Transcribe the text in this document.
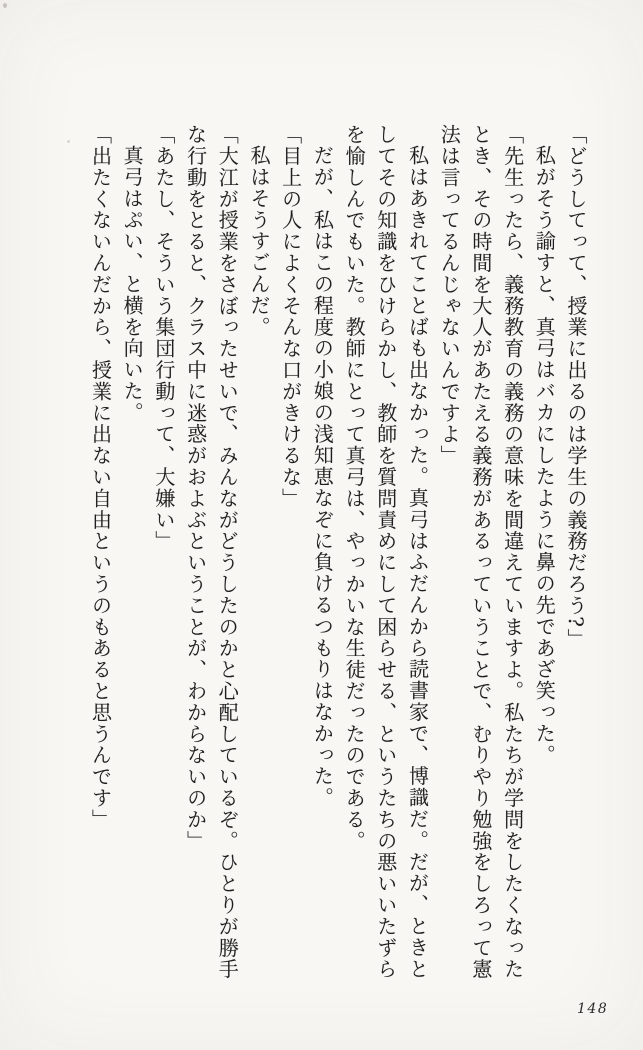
「どうしてって、授業に出るのは学生の義務だろう?」
私がそう諭すと、真弓はバカにしたように鼻の先であざ笑った。
「先生ったら、義務教育の義務の意味を間違えていますよ。私たちが学問をしたくなった
とき、その時間を大人があたえる義務があるっていうことで、むりやり勉強をしろって憲
法は言ってるんじゃないんですよ」
私はあきれてことばも出なかった。真弓はふだんから読書家で、博識だ。だが、ときと
してその知識をひけらかし、教師を質問責めにして困らせる、というたちの悪いいたずら
を愉しんでもいた。教師にとって真弓は、やっかいな生徒だったのである。
だが、私はこの程度の小娘の浅知恵なぞに負けるつもりはなかった。
「目上の人によくそんな口がきけるな」
私はそうすごんだ。
「大江が授業をさぼったせいで、みんながどうしたのかと心配しているぞ。ひとりが勝手
な行動をとると、クラス中に迷惑がおよぶということが、わからないのか」
「あたし、そういう集団行動って、大嫌い」
真弓はぷい、と横を向いた。
「出たくないんだから、授業に出ない自由というのもあると思うんです」
148
